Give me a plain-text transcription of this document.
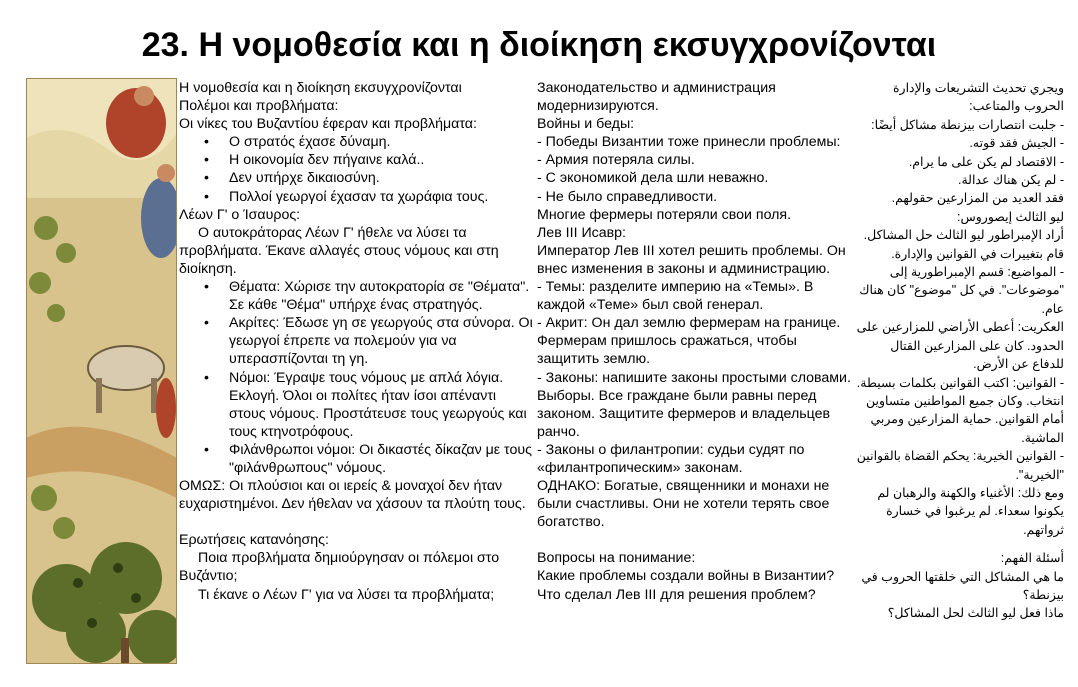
23. Η νομοθεσία και η διοίκηση εκσυγχρονίζονται
Η νομοθεσία και η διοίκηση εκσυγχρονίζονται
Πολέμοι και προβλήματα:
Οι νίκες του Βυζαντίου έφεραν και προβλήματα:
• Ο στρατός έχασε δύναμη.
• Η οικονομία δεν πήγαινε καλά..
• Δεν υπήρχε δικαιοσύνη.
• Πολλοί γεωργοί έχασαν τα χωράφια τους.
Λέων Γ' ο Ίσαυρος:
Ο αυτοκράτορας Λέων Γ' ήθελε να λύσει τα προβλήματα. Έκανε αλλαγές στους νόμους και στη διοίκηση.
• Θέματα: Χώρισε την αυτοκρατορία σε "Θέματα". Σε κάθε "Θέμα" υπήρχε ένας στρατηγός.
• Ακρίτες: Έδωσε γη σε γεωργούς στα σύνορα. Οι γεωργοί έπρεπε να πολεμούν για να υπερασπίζονται τη γη.
• Νόμοι: Έγραψε τους νόμους με απλά λόγια. Εκλογή. Όλοι οι πολίτες ήταν ίσοι απέναντι στους νόμους. Προστάτευσε τους γεωργούς και τους κτηνοτρόφους.
• Φιλάνθρωποι νόμοι: Οι δικαστές δίκαζαν με τους "φιλάνθρωπους" νόμους.
ΟΜΩΣ: Οι πλούσιοι και οι ιερείς & μοναχοί δεν ήταν ευχαριστημένοι. Δεν ήθελαν να χάσουν τα πλούτη τους.
Ερωτήσεις κατανόησης:
Ποια προβλήματα δημιούργησαν οι πόλεμοι στο Βυζάντιο;
Τι έκανε ο Λέων Γ' για να λύσει τα προβλήματα;
Законодательство и администрация модернизируются.
Войны и беды:
- Победы Византии тоже принесли проблемы:
- Армия потеряла силы.
- С экономикой дела шли неважно.
- Не было справедливости.
Многие фермеры потеряли свои поля.
Лев III Исавр:
Император Лев III хотел решить проблемы. Он внес изменения в законы и администрацию.
- Темы: разделите империю на «Темы». В каждой «Теме» был свой генерал.
- Акрит: Он дал землю фермерам на границе. Фермерам пришлось сражаться, чтобы защитить землю.
- Законы: напишите законы простыми словами. Выборы. Все граждане были равны перед законом. Защитите фермеров и владельцев ранчо.
- Законы о филантропии: судьи судят по «филантропическим» законам.
ОДНАКО: Богатые, священники и монахи не были счастливы. Они не хотели терять свое богатство.
Вопросы на понимание:
Какие проблемы создали войны в Византии?
Что сделал Лев III для решения проблем?
ويجري تحديث التشريعات والإدارة
الحروب والمتاعب:
- جلبت انتصارات بيزنطة مشاكل أيضًا:
- الجيش فقد قوته.
- الاقتصاد لم يكن على ما يرام.
- لم يكن هناك عدالة.
فقد العديد من المزارعين حقولهم.
ليو الثالث إيصوروس:
أراد الإمبراطور ليو الثالث حل المشاكل.
قام بتغييرات في القوانين والإدارة.
- المواضيع: قسم الإمبراطورية إلى "موضوعات". في كل "موضوع" كان هناك عام.
العكريت: أعطى الأراضي للمزارعين على الحدود. كان على المزارعين القتال للدفاع عن الأرض.
- القوانين: اكتب القوانين بكلمات بسيطة. انتخاب. وكان جميع المواطنين متساوين أمام القوانين. حماية المزارعين ومربي الماشية.
- القوانين الخيرية: يحكم القضاة بالقوانين "الخيرية".
ومع ذلك: الأغنياء والكهنة والرهبان لم يكونوا سعداء. لم يرغبوا في خسارة ثرواتهم.
أسئلة الفهم:
ما هي المشاكل التي خلقتها الحروب في بيزنطة؟
ماذا فعل ليو الثالث لحل المشاكل؟
